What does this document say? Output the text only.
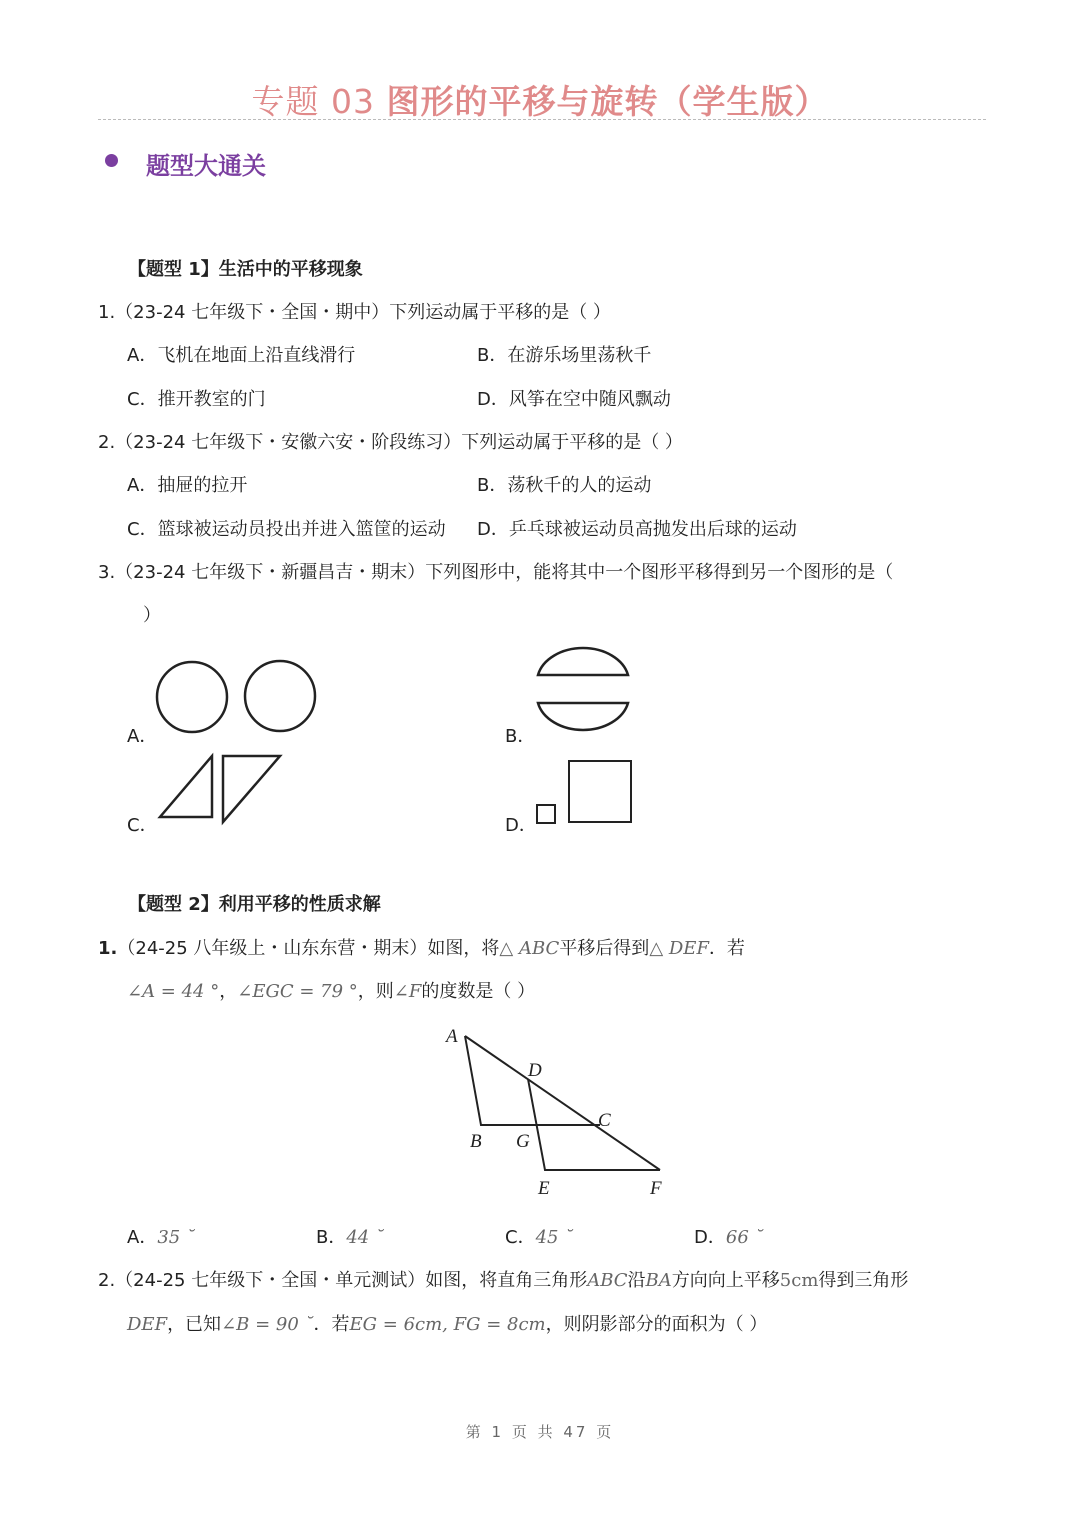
专题 03 图形的平移与旋转（学生版）
题型大通关
【题型 1】生活中的平移现象
1.（23-24 七年级下・全国・期中）下列运动属于平移的是（ ）
A．飞机在地面上沿直线滑行	B．在游乐场里荡秋千
C．推开教室的门	D．风筝在空中随风飘动
2.（23-24 七年级下・安徽六安・阶段练习）下列运动属于平移的是（ ）
A．抽屉的拉开	B．荡秋千的人的运动
C．篮球被运动员投出并进入篮筐的运动 D．乒乓球被运动员高抛发出后球的运动
3.（23-24 七年级下・新疆昌吉・期末）下列图形中，能将其中一个图形平移得到另一个图形的是（
）
A．	B．
C．	D．
【题型 2】利用平移的性质求解
1.（24-25 八年级上・山东东营・期末）如图，将△ ABC平移后得到△ DEF．若
∠A = 44 °，∠EGC = 79 °，则∠F的度数是（ ）
A
D
C
B G
E	F
A．35 ˘	B．44 ˘	C．45 ˘	D．66 ˘
2.（24-25 七年级下・全国・单元测试）如图，将直角三角形ABC沿BA方向向上平移5cm得到三角形
DEF，已知∠B = 90 ˘．若EG = 6cm, FG = 8cm，则阴影部分的面积为（ ）
第 1 页 共 47 页
